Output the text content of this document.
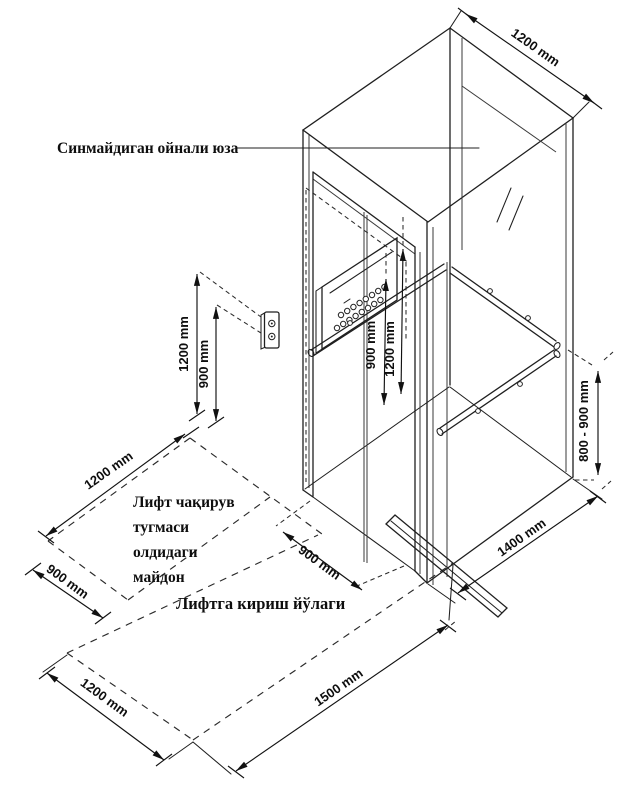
1200 mm
1200 mm 900 mm	900 mm 1200 mm
900 mm
1200 mm
900 mm
1400 mm
800 - 900 mm
1200 mm	1500 mm
Синмайдиган ойнали юза
Лифт чақирув
тугмаси
олдидаги
майдон
Лифтга кириш йўлаги
